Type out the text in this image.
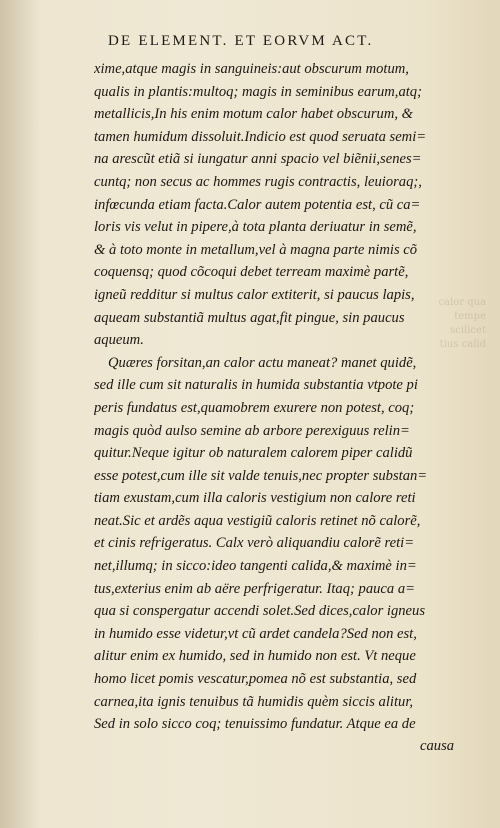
calor qua
tempe
scilicet
tius calid
DE ELEMENT. ET EORVM ACT.
xime,atque magis in sanguineis:aut obscurum motum,
qualis in plantis:multoq; magis in seminibus earum,atq;
metallicis,In his enim motum calor habet obscurum, &
tamen humidum dissoluit.Indicio est quod seruata semi=
na arescũt etiã si iungatur anni spacio vel biẽnii,senes=
cuntq; non secus ac hommes rugis contractis, leuioraq;,
infœcunda etiam facta.Calor autem potentia est, cũ ca=
loris vis velut in pipere,à tota planta deriuatur in semẽ,
& à toto monte in metallum,vel à magna parte nimis cõ
coquensq; quod cõcoqui debet terream maximè partẽ,
igneũ redditur si multus calor extiterit, si paucus lapis,
aqueam substantiã multus agat,fit pingue, sin paucus
aqueum.
Quæres forsitan,an calor actu maneat? manet quidẽ,
sed ille cum sit naturalis in humida substantia vtpote pi
peris fundatus est,quamobrem exurere non potest, coq;
magis quòd aulso semine ab arbore perexiguus relin=
quitur.Neque igitur ob naturalem calorem piper calidũ
esse potest,cum ille sit valde tenuis,nec propter substan=
tiam exustam,cum illa caloris vestigium non calore reti
neat.Sic et ardẽs aqua vestigiũ caloris retinet nõ calorẽ,
et cinis refrigeratus. Calx verò aliquandiu calorẽ reti=
net,illumq; in sicco:ideo tangenti calida,& maximè in=
tus,exterius enim ab aëre perfrigeratur. Itaq; pauca a=
qua si conspergatur accendi solet.Sed dices,calor igneus
in humido esse videtur,vt cũ ardet candela?Sed non est,
alitur enim ex humido, sed in humido non est. Vt neque
homo licet pomis vescatur,pomea nõ est substantia, sed
carnea,ita ignis tenuibus tã humidis quèm siccis alitur,
Sed in solo sicco coq; tenuissimo fundatur. Atque ea de
causa
